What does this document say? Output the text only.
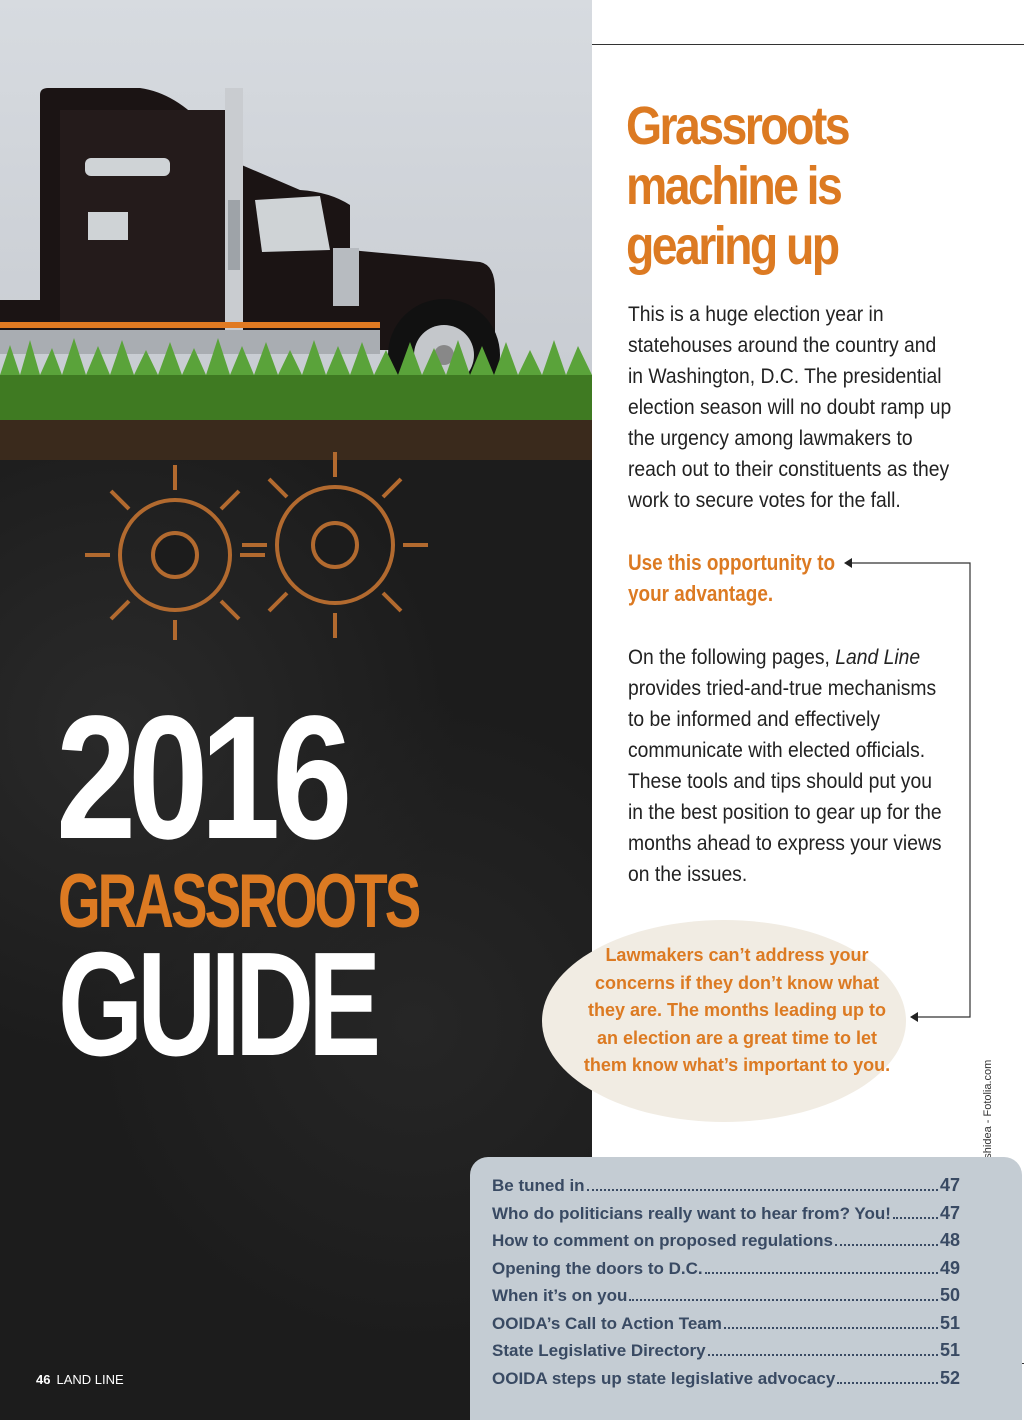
2016
GRASSROOTS
GUIDE
46 LAND LINE
Grassroots machine is gearing up
This is a huge election year in statehouses around the country and in Washington, D.C. The presidential election season will no doubt ramp up the urgency among lawmakers to reach out to their constituents as they work to secure votes for the fall.
Use this opportunity to your advantage.
On the following pages, Land Line provides tried-and-true mechanisms to be informed and effectively communicate with elected officials. These tools and tips should put you in the best position to gear up for the months ahead to express your views on the issues.
Lawmakers can’t address your concerns if they don’t know what they are. The months leading up to an election are a great time to let them know what’s important to you.
Be tuned in	47
Who do politicians really want to hear from? You!	47
How to comment on proposed regulations	48
Opening the doors to D.C.	49
When it’s on you	50
OOIDA’s Call to Action Team	51
State Legislative Directory	51
OOIDA steps up state legislative advocacy	52
